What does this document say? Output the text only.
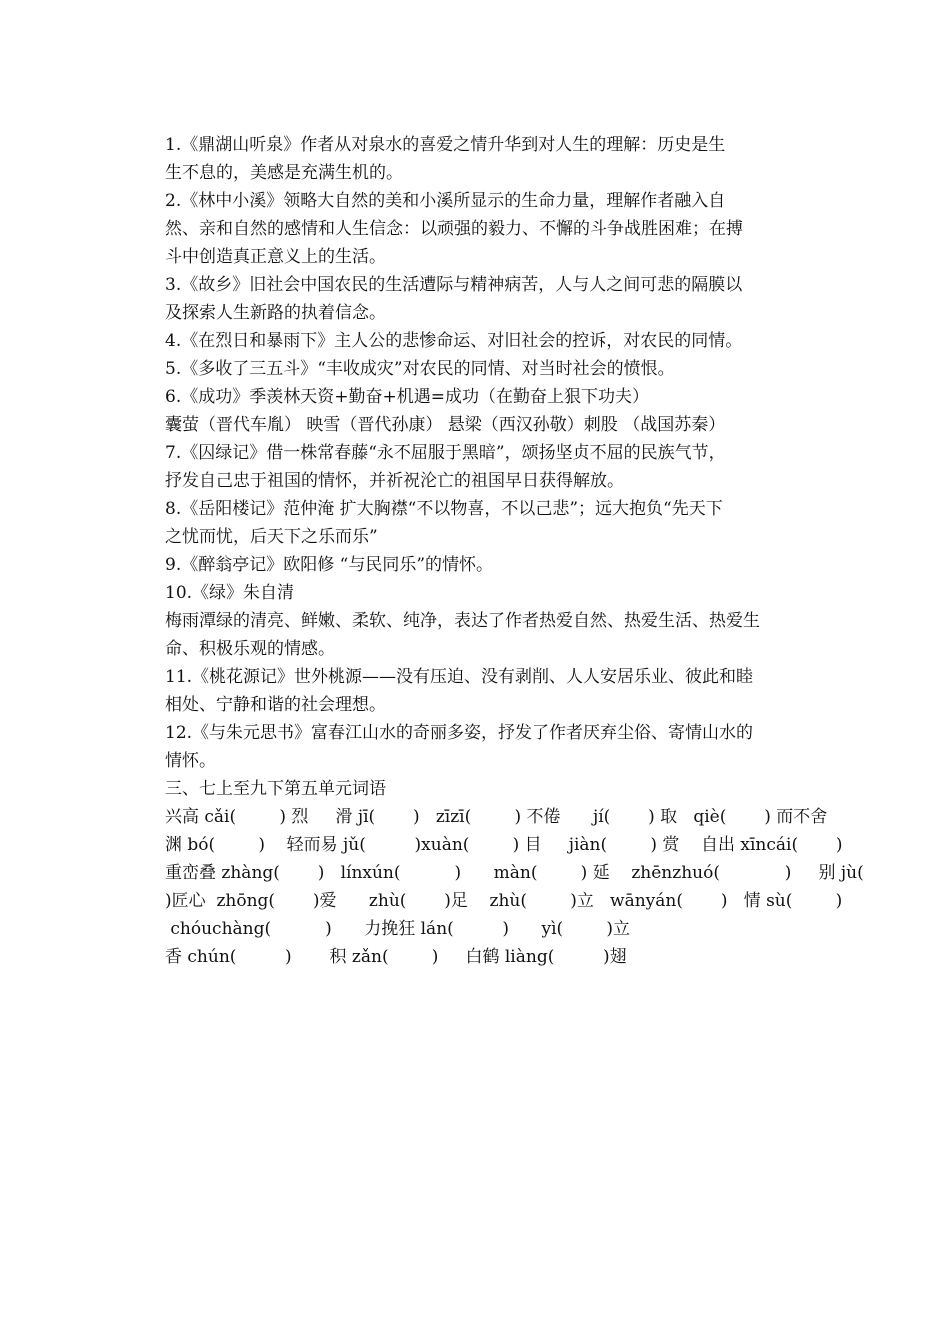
1.《鼎湖山听泉》作者从对泉水的喜爱之情升华到对人生的理解：历史是生
生不息的，美感是充满生机的。
2.《林中小溪》领略大自然的美和小溪所显示的生命力量，理解作者融入自
然、亲和自然的感情和人生信念：以顽强的毅力、不懈的斗争战胜困难；在搏
斗中创造真正意义上的生活。
3.《故乡》旧社会中国农民的生活遭际与精神病苦，人与人之间可悲的隔膜以
及探索人生新路的执着信念。
4.《在烈日和暴雨下》主人公的悲惨命运、对旧社会的控诉，对农民的同情。
5.《多收了三五斗》“丰收成灾”对农民的同情、对当时社会的愤恨。
6.《成功》季羡林天资+勤奋+机遇=成功（在勤奋上狠下功夫）
囊萤（晋代车胤） 映雪（晋代孙康） 悬梁（西汉孙敬）刺股 （战国苏秦）
7.《囚绿记》借一株常春藤“永不屈服于黑暗”，颂扬坚贞不屈的民族气节，
抒发自己忠于祖国的情怀，并祈祝沦亡的祖国早日获得解放。
8.《岳阳楼记》范仲淹 扩大胸襟“不以物喜，不以己悲”；远大抱负“先天下
之忧而忧，后天下之乐而乐”
9.《醉翁亭记》欧阳修 “与民同乐”的情怀。
10.《绿》朱自清
梅雨潭绿的清亮、鲜嫩、柔软、纯净，表达了作者热爱自然、热爱生活、热爱生
命、积极乐观的情感。
11.《桃花源记》世外桃源——没有压迫、没有剥削、人人安居乐业、彼此和睦
相处、宁静和谐的社会理想。
12.《与朱元思书》富春江山水的奇丽多姿，抒发了作者厌弃尘俗、寄情山水的
情怀。
三、七上至九下第五单元词语
兴高 cǎi(        ) 烈     滑 jī(       )   zīzī(        ) 不倦      jí(       ) 取   qiè(       ) 而不舍
渊 bó(        )    轻而易 jǔ(         )xuàn(        ) 目     jiàn(        ) 赏    自出 xīncái(       )
重峦叠 zhàng(       )   línxún(          )      màn(        ) 延    zhēnzhuó(            )     别 jù(
)匠心  zhōng(       )爱      zhù(       )足    zhù(        )立   wānyán(       )   情 sù(        )
chóuchàng(          )      力挽狂 lán(         )      yì(        )立
香 chún(         )       积 zǎn(        )     白鹤 liàng(         )翅
